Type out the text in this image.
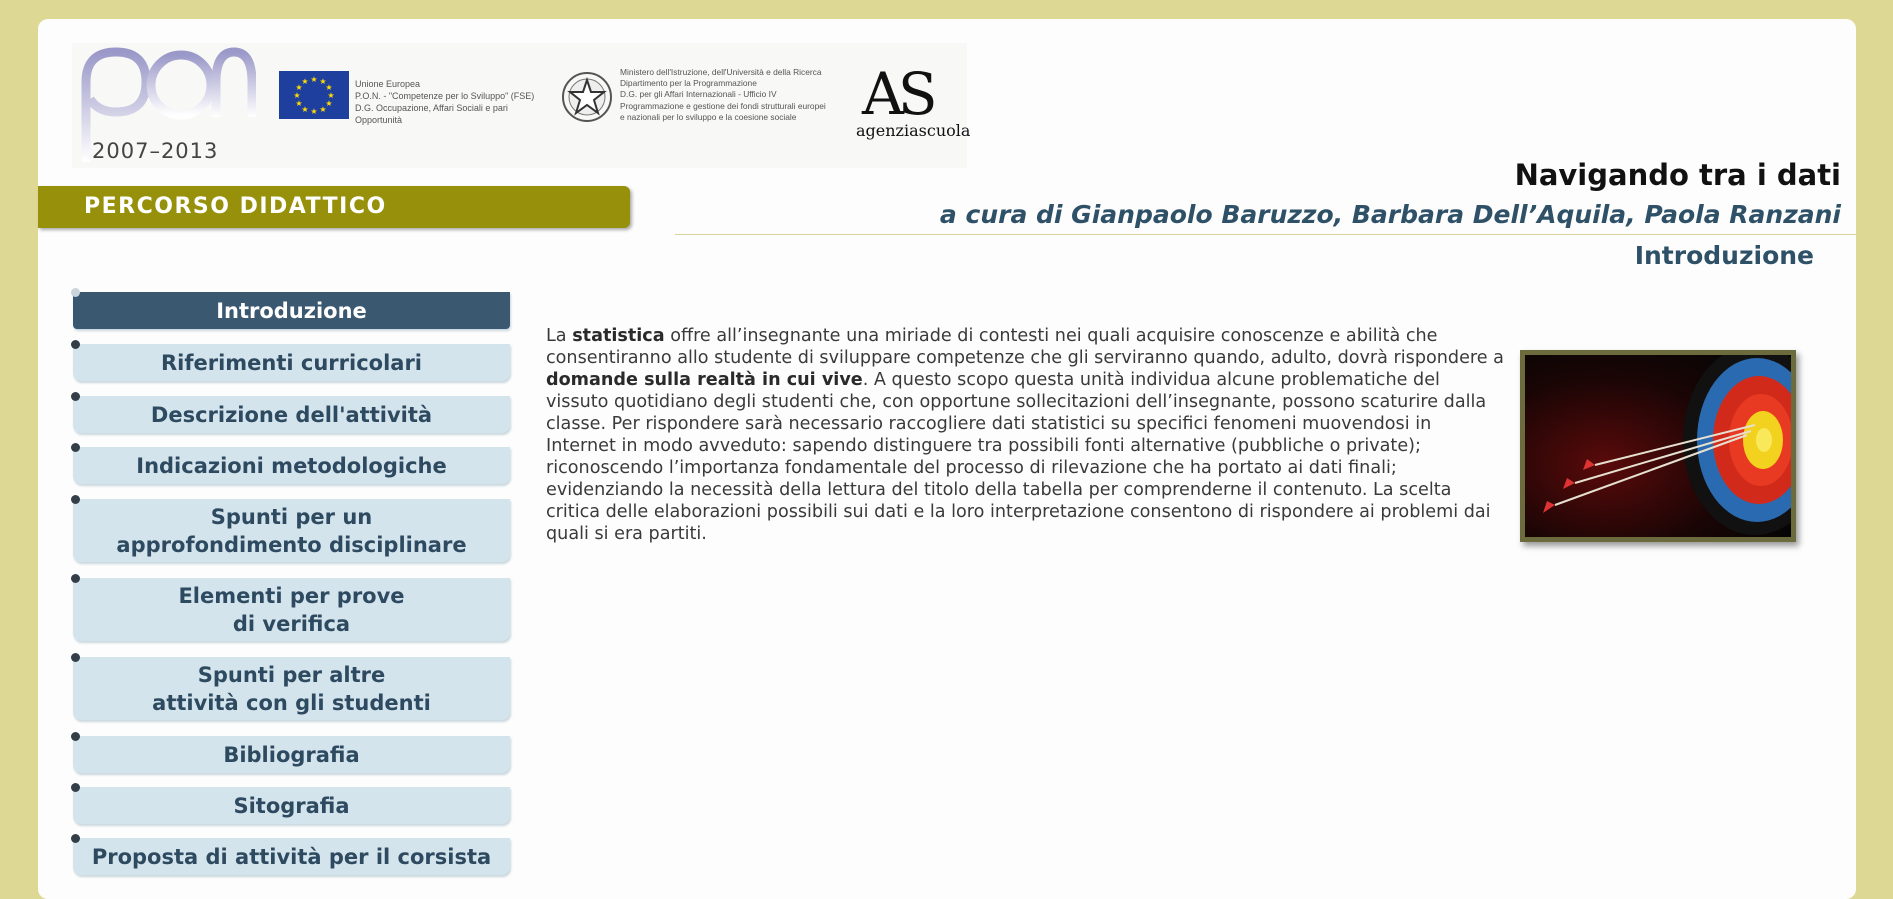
2007–2013
★ ★
★
★
★
★
★
★
★
★
★
★	Unione Europea
P.O.N. - "Competenze per lo Sviluppo" (FSE)
D.G. Occupazione, Affari Sociali e pari Opportunità
Ministero dell'Istruzione, dell'Università e della Ricerca
Dipartimento per la Programmazione
D.G. per gli Affari Internazionali - Ufficio IV
Programmazione e gestione dei fondi strutturali europei
e nazionali per lo sviluppo e la coesione sociale	AS
agenziascuola
PERCORSO DIDATTICO
Navigando tra i dati
a cura di Gianpaolo Baruzzo, Barbara Dell’Aquila, Paola Ranzani
Introduzione
Introduzione
Riferimenti curricolari
Descrizione dell'attività
Indicazioni metodologiche
Spunti per un
approfondimento disciplinare
Elementi per prove
di verifica
Spunti per altre
attività con gli studenti
Bibliografia
Sitografia
Proposta di attività per il corsista
La statistica offre all’insegnante una miriade di contesti nei quali acquisire conoscenze e abilità che consentiranno allo studente di sviluppare competenze che gli serviranno quando, adulto, dovrà rispondere a domande sulla realtà in cui vive. A questo scopo questa unità individua alcune problematiche del vissuto quotidiano degli studenti che, con opportune sollecitazioni dell’insegnante, possono scaturire dalla classe. Per rispondere sarà necessario raccogliere dati statistici su specifici fenomeni muovendosi in Internet in modo avveduto: sapendo distinguere tra possibili fonti alternative (pubbliche o private); riconoscendo l’importanza fondamentale del processo di rilevazione che ha portato ai dati finali; evidenziando la necessità della lettura del titolo della tabella per comprenderne il contenuto. La scelta critica delle elaborazioni possibili sui dati e la loro interpretazione consentono di rispondere ai problemi dai quali si era partiti.
